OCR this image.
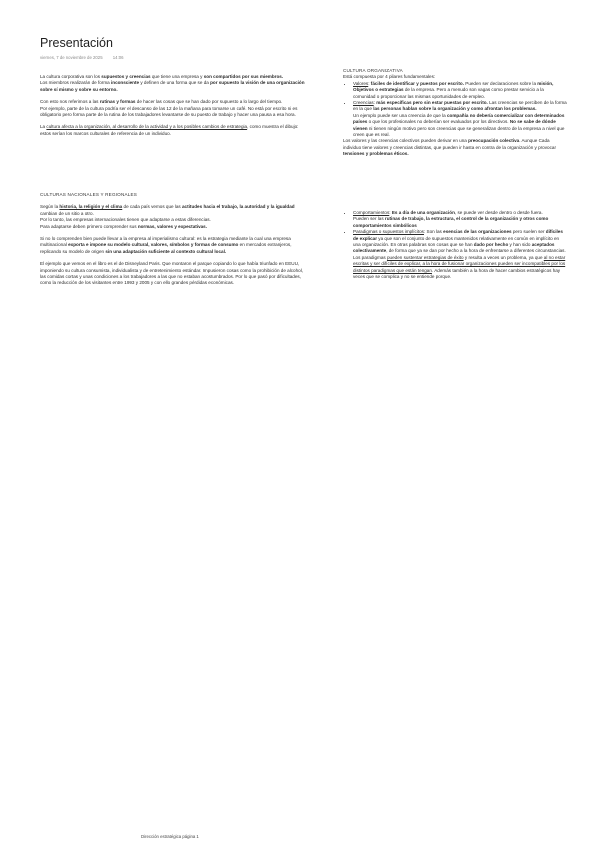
Presentación
viernes, 7 de noviembre de 2025 14:06

La cultura corporativa son los supuestos y creencias que tiene una empresa y son compartidos por sus miembros.

Los miembros realizarán de forma inconsciente y definen de una forma que se da por supuesto la visión de una organización sobre sí mismo y sobre su entorno.

Con esto nos referimos a las rutinas y formas de hacer las cosas que se han dado por supuesto a lo largo del tiempo.

Por ejemplo, parte de la cultura podría ser el descanso de las 12 de la mañana para tomarse un café. No está por escrito ni es obligatorio pero forma parte de la rutina de los trabajadores levantarse de su puesto de trabajo y hacer una pausa a esa hora.

La cultura afecta a la organización, al desarrollo de la actividad y a los posibles cambios de estrategia, como muestra el dibujo: estos serían los marcos culturales de referencia de un individuo.

CULTURAS NACIONALES Y REGIONALES

Según la historia, la religión y el clima de cada país vemos que las actitudes hacia el trabajo, la autoridad y la igualdad cambian de un sitio a otro.

Por lo tanto, las empresas internacionales tienen que adaptarse a estas diferencias.

Para adaptarse deben primero comprender sus normas, valores y expectativas.

Si no lo comprenden bien puede llevar a la empresa al imperialismo cultural: es la estrategia mediante la cual una empresa multinacional exporta e impone su modelo cultural, valores, símbolos y formas de consumo en mercados extranjeros, replicando su modelo de origen sin una adaptación suficiente al contexto cultural local.

El ejemplo que vemos en el libro es el de Disneyland Paris. Que montaron el parque copiando lo que había triunfado en EEUU, imponiendo su cultura consumista, individualista y de entretenimiento estándar. Impusieron cosas como la prohibición de alcohol, las comidas cortas y unas condiciones a los trabajadores a las que no estaban acostumbrados. Por lo que pasó por dificultades, como la reducción de los visitantes entre 1993 y 2005 y con ello grandes pérdidas económicas.

CULTURA ORGANIZATIVA

Está compuesta por 4 pilares fundamentales:

• Valores: fáciles de identificar y puestos por escrito. Pueden ser declaraciones sobre la misión, Objetivos o estrategias de la empresa. Pero a menudo son vagas como prestar servicio a la comunidad o proporcionar las mismas oportunidades de empleo.
• Creencias: más específicas pero sin estar puestas por escrito. Las creencias se perciben de la forma en la que las personas hablan sobre la organización y como afrontan los problemas.
Un ejemplo puede ser una creencia de que la compañía no debería comercializar con determinados países o que los profesionales no deberían ser evaluados por los directivos. No se sabe de dónde vienen ni tienen ningún motivo pero son creencias que se generalizan dentro de la empresa a nivel que creen que es real.

Los valores y las creencias colectivos pueden derivar en una preocupación colectiva. Aunque Cada individuo tiene valores y creencias distintas, que pueden ir hasta en contra de la organización y provocar tensiones y problemas éticos.

• Comportamientos: Es a día de una organización, se puede ver desde dentro o desde fuera.
Pueden ser las rutinas de trabajo, la estructura, el control de la organización y otros como comportamientos simbólicos
• Paradigmas o supuestos implícitos: Son las esencias de las organizaciones pero suelen ser difíciles de explicar ya que son el conjunto de supuestos mantenidos relativamente en común en implícito en una organización. En otras palabras son cosas que se han dado por hecho y han sido aceptados colectivamente, de forma que ya se dan por hecho a la hora de enfrentarse a diferentes circunstancias.
Los paradigmas pueden sustentar estrategias de éxito y resulta a veces un problema, ya que al no estar escritas y ser difíciles de explicar, a la hora de fusionar organizaciones pueden ser incompatibles por los distintos paradigmas que están tengan. Además también a la hora de hacer cambios estratégicos hay veces que se complica y no se entiende porque.
Dirección estratégica página 1
